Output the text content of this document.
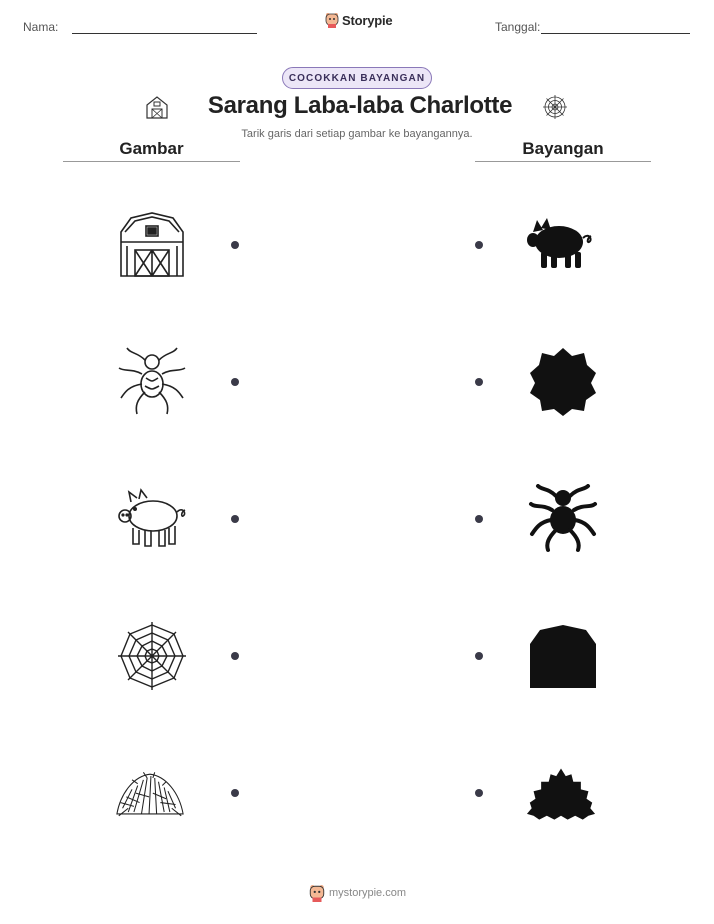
Nama:	Storypie	Tanggal:
COCOKKAN BAYANGAN
Sarang Laba-laba Charlotte
Tarik garis dari setiap gambar ke bayangannya.
Gambar	Bayangan
mystorypie.com
